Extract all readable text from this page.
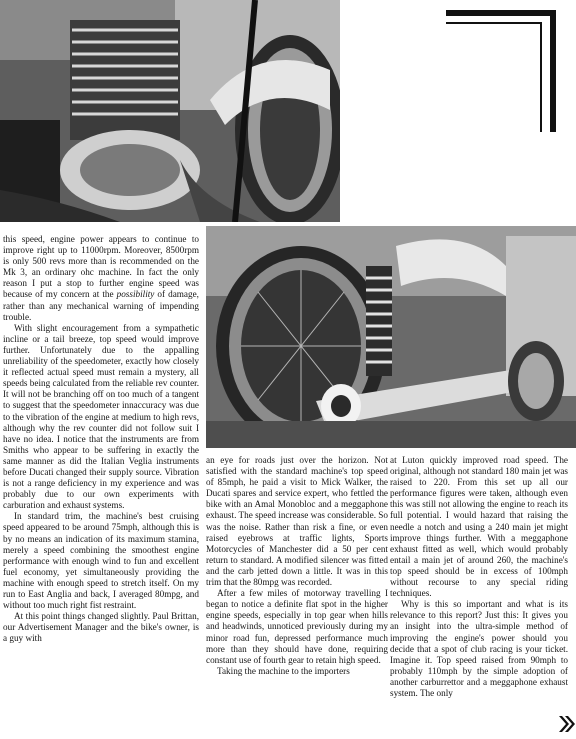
this speed, engine power appears to continue to improve right up to 11000rpm. Moreover, 8500rpm is only 500 revs more than is recommended on the Mk 3, an ordinary ohc machine. In fact the only reason I put a stop to further engine speed was because of my concern at the possibility of damage, rather than any mechanical warning of impending trouble.

With slight encouragement from a sympathetic incline or a tail breeze, top speed would improve further. Unfortunately due to the appalling unreliability of the speedometer, exactly how closely it reflected actual speed must remain a mystery, all speeds being calculated from the reliable rev counter. It will not be branching off on too much of a tangent to suggest that the speedometer innaccuracy was due to the vibration of the engine at medium to high revs, although why the rev counter did not follow suit I have no idea. I notice that the instruments are from Smiths who appear to be suffering in exactly the same manner as did the Italian Veglia instruments before Ducati changed their supply source. Vibration is not a range deficiency in my experience and was probably due to our own experiments with carburation and exhaust systems.

In standard trim, the machine's best cruising speed appeared to be around 75mph, although this is by no means an indication of its maximum stamina, merely a speed combining the smoothest engine performance with enough wind to fun and excellent fuel economy, yet simultaneously providing the machine with enough speed to stretch itself. On my run to East Anglia and back, I averaged 80mpg, and without too much right fist restraint.

At this point things changed slightly. Paul Brittan, our Advertisement Manager and the bike's owner, is a guy with

an eye for roads just over the horizon. Not satisfied with the standard machine's top speed of 85mph, he paid a visit to Mick Walker, the Ducati spares and service expert, who fettled the bike with an Amal Monobloc and a meggaphone exhaust. The speed increase was considerable. So was the noise. Rather than risk a fine, or even raised eyebrows at traffic lights, Sports Motorcycles of Manchester did a 50 per cent return to standard. A modified silencer was fitted and the carb jetted down a little. It was in this trim that the 80mpg was recorded.

After a few miles of motorway travelling I began to notice a definite flat spot in the higher engine speeds, especially in top gear when hills and headwinds, unnoticed previously during my minor road fun, depressed performance much more than they should have done, requiring constant use of fourth gear to retain high speed.

Taking the machine to the importers

at Luton quickly improved road speed. The original, although not standard 180 main jet was raised to 220. From this set up all our performance figures were taken, although even this was still not allowing the engine to reach its full potential. I would hazard that raising the needle a notch and using a 240 main jet might improve things further. With a meggaphone exhaust fitted as well, which would probably entail a main jet of around 260, the machine's top speed should be in excess of 100mph without recourse to any special riding techniques.

Why is this so important and what is its relevance to this report? Just this: It gives you an insight into the ultra-simple method of improving the engine's power should you decide that a spot of club racing is your ticket. Imagine it. Top speed raised from 90mph to probably 110mph by the simple adoption of another carburrettor and a meggaphone exhaust system. The only
